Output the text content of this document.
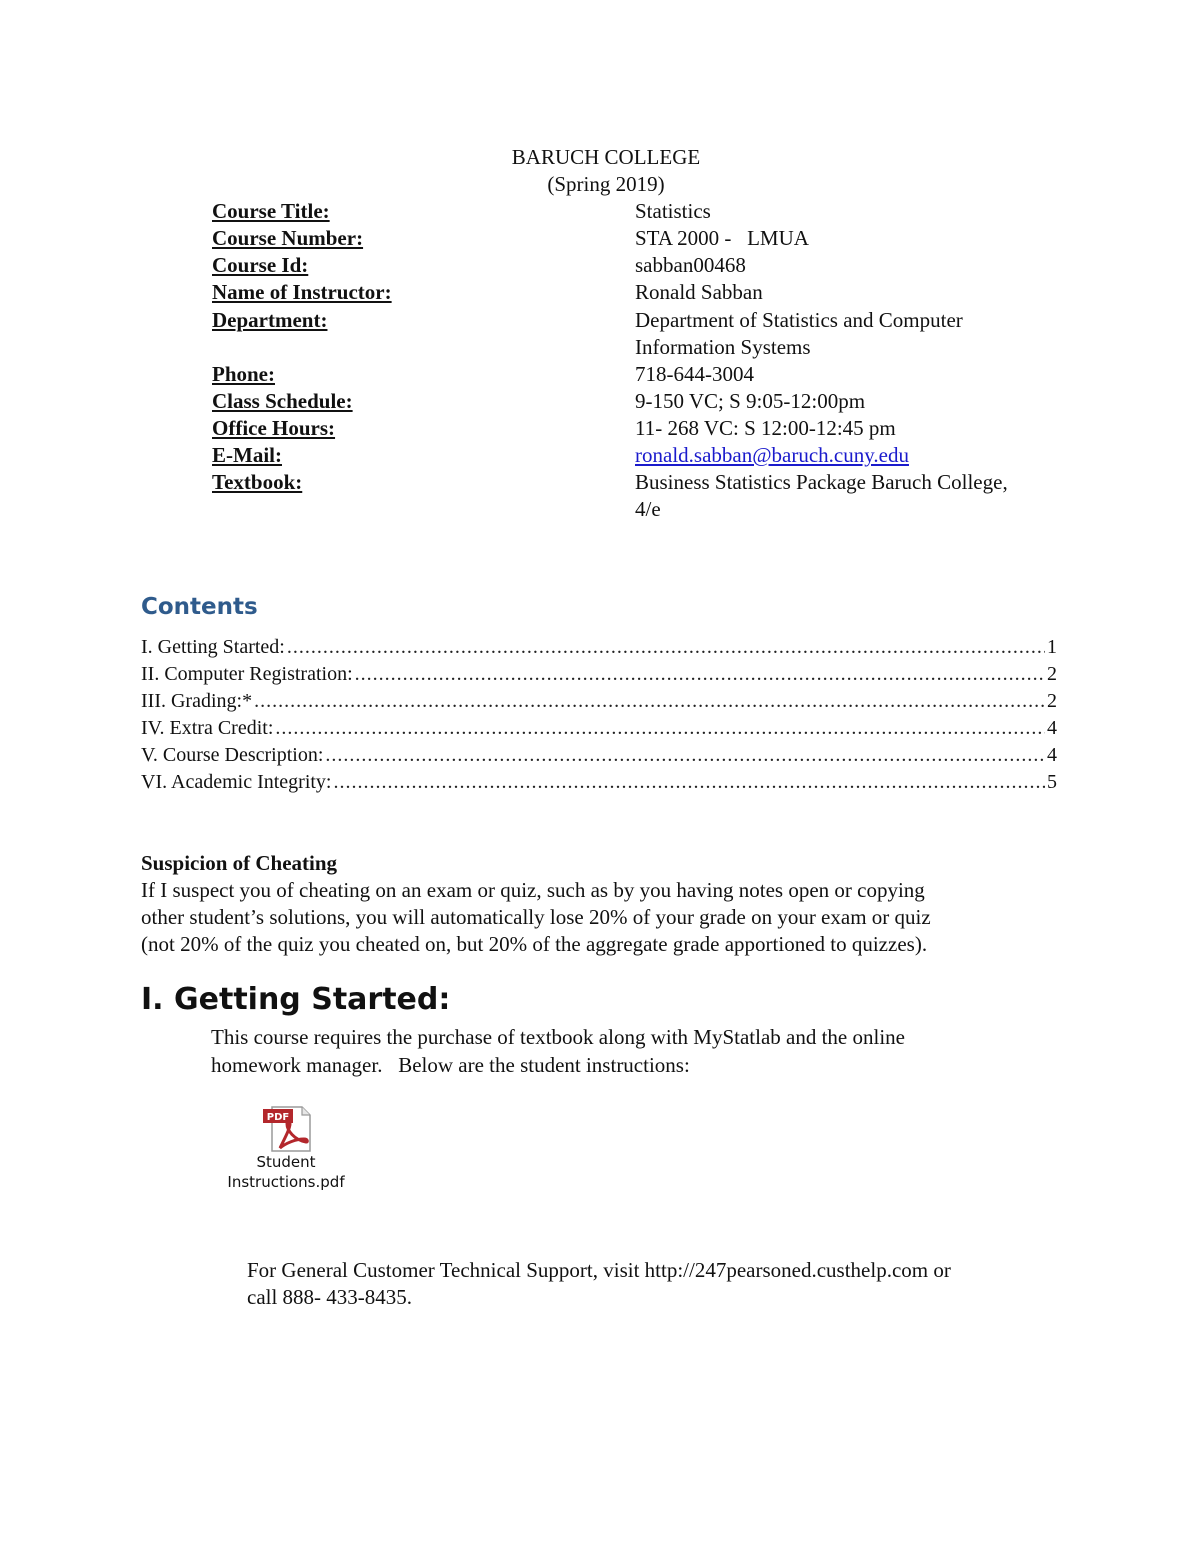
BARUCH COLLEGE
(Spring 2019)
Course Title:	Statistics
Course Number:	STA 2000 -   LMUA
Course Id:	sabban00468
Name of Instructor:	Ronald Sabban
Department:	Department of Statistics and Computer
Information Systems
Phone:	718-644-3004
Class Schedule:	9-150 VC; S 9:05-12:00pm
Office Hours:	11- 268 VC: S 12:00-12:45 pm
E-Mail:	ronald.sabban@baruch.cuny.edu
Textbook:	Business Statistics Package Baruch College,
4/e
Contents
I. Getting Started: .....	1
II. Computer Registration: .....	2
III. Grading:* .....	2
IV. Extra Credit: .....	4
V. Course Description: .....	4
VI. Academic Integrity: .....	5
Suspicion of Cheating
If I suspect you of cheating on an exam or quiz, such as by you having notes open or copying
other student’s solutions, you will automatically lose 20% of your grade on your exam or quiz
(not 20% of the quiz you cheated on, but 20% of the aggregate grade apportioned to quizzes).
I. Getting Started:
This course requires the purchase of textbook along with MyStatlab and the online
homework manager.   Below are the student instructions:
PDF
Student
Instructions.pdf
For General Customer Technical Support, visit http://247pearsoned.custhelp.com or
call 888- 433-8435.
